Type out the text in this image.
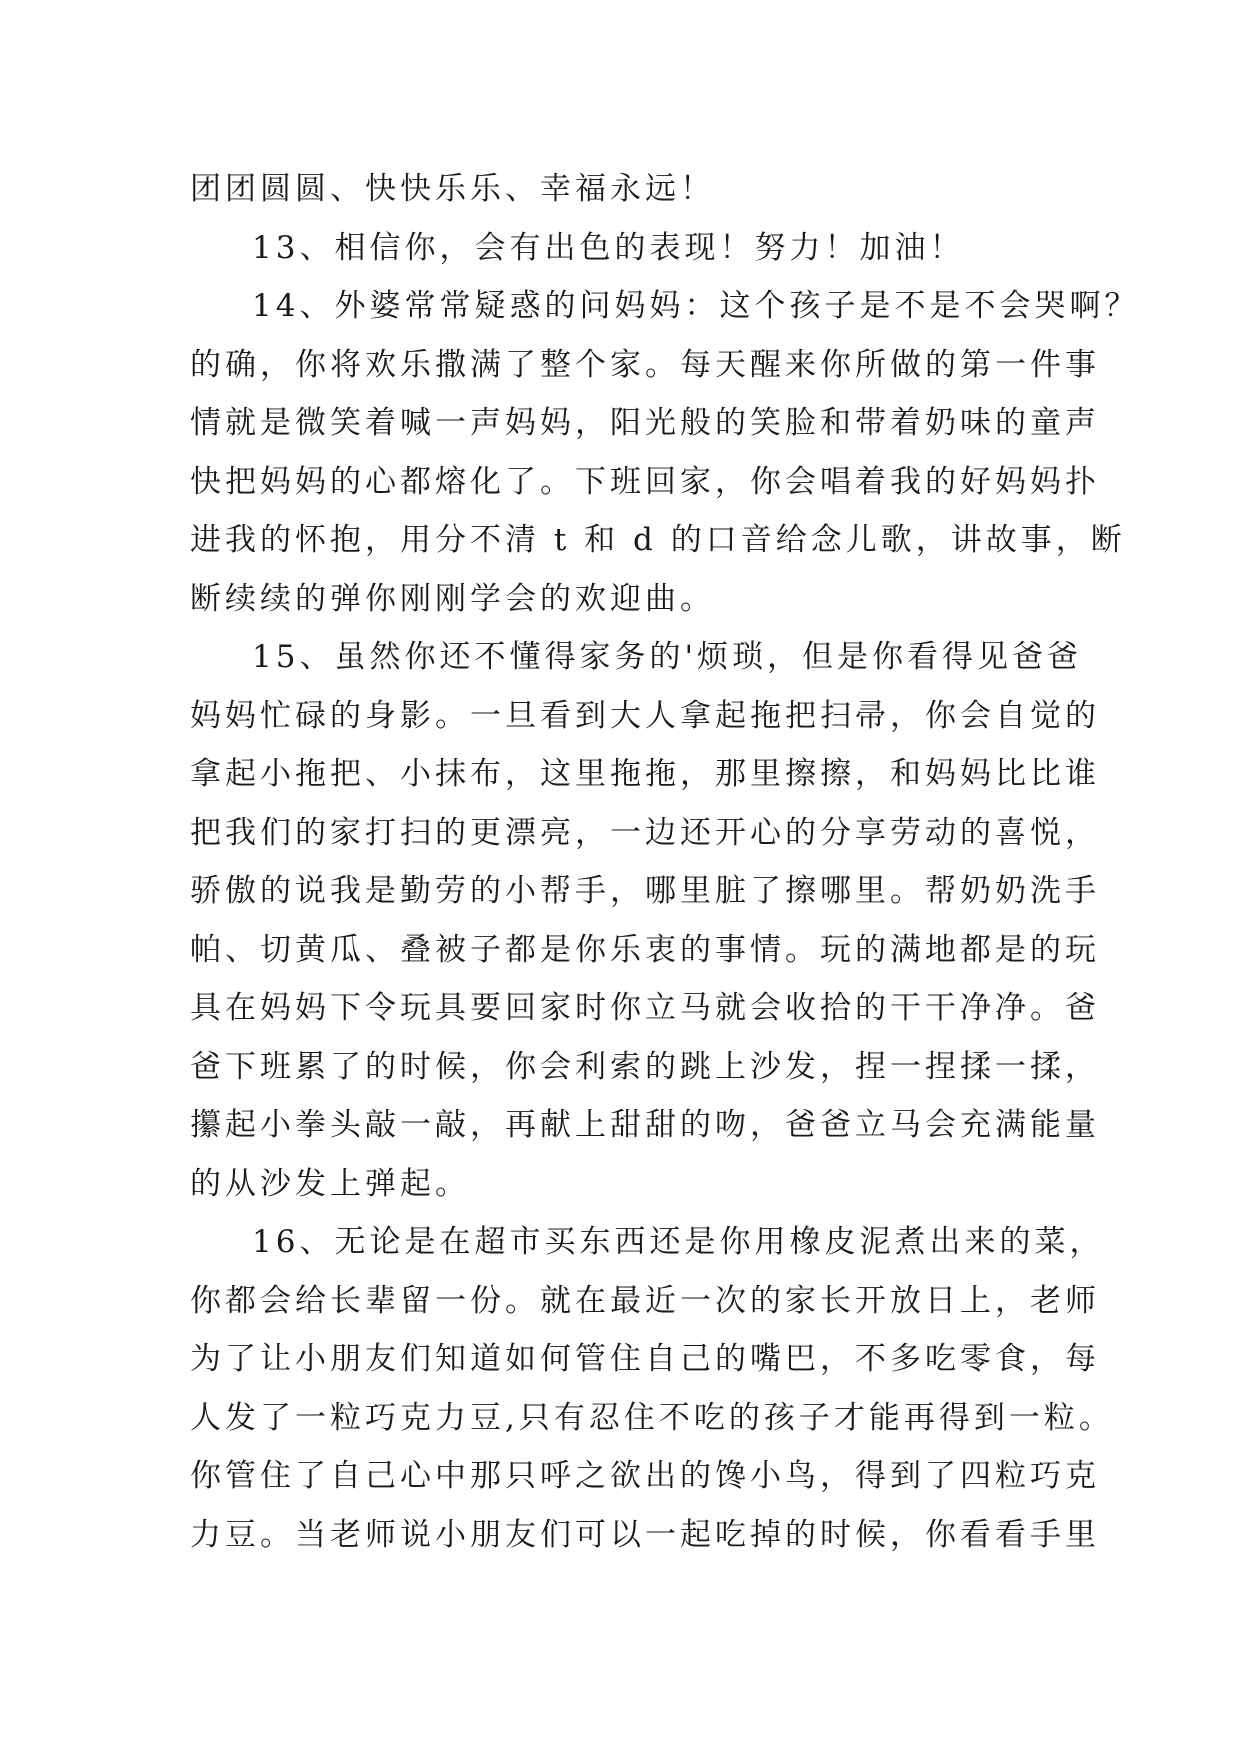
团团圆圆、快快乐乐、幸福永远！
13、相信你，会有出色的表现！努力！加油！
14、外婆常常疑惑的问妈妈：这个孩子是不是不会哭啊？
的确，你将欢乐撒满了整个家。每天醒来你所做的第一件事
情就是微笑着喊一声妈妈，阳光般的笑脸和带着奶味的童声
快把妈妈的心都熔化了。下班回家，你会唱着我的好妈妈扑
进我的怀抱，用分不清 t 和 d 的口音给念儿歌，讲故事，断
断续续的弹你刚刚学会的欢迎曲。
15、虽然你还不懂得家务的'烦琐，但是你看得见爸爸
妈妈忙碌的身影。一旦看到大人拿起拖把扫帚，你会自觉的
拿起小拖把、小抹布，这里拖拖，那里擦擦，和妈妈比比谁
把我们的家打扫的更漂亮，一边还开心的分享劳动的喜悦，
骄傲的说我是勤劳的小帮手，哪里脏了擦哪里。帮奶奶洗手
帕、切黄瓜、叠被子都是你乐衷的事情。玩的满地都是的玩
具在妈妈下令玩具要回家时你立马就会收拾的干干净净。爸
爸下班累了的时候，你会利索的跳上沙发，捏一捏揉一揉，
攥起小拳头敲一敲，再献上甜甜的吻，爸爸立马会充满能量
的从沙发上弹起。
16、无论是在超市买东西还是你用橡皮泥煮出来的菜，
你都会给长辈留一份。就在最近一次的家长开放日上，老师
为了让小朋友们知道如何管住自己的嘴巴，不多吃零食，每
人发了一粒巧克力豆,只有忍住不吃的孩子才能再得到一粒。
你管住了自己心中那只呼之欲出的馋小鸟，得到了四粒巧克
力豆。当老师说小朋友们可以一起吃掉的时候，你看看手里
